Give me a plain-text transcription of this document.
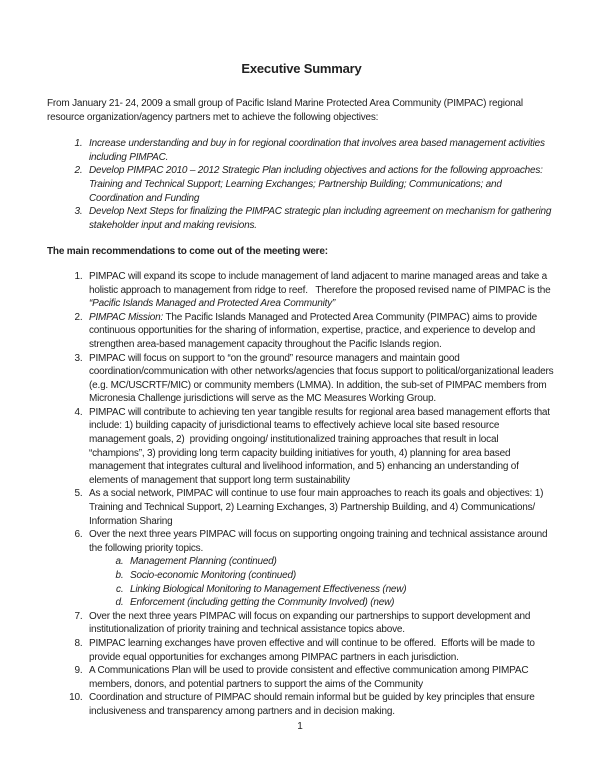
Executive Summary

From January 21- 24, 2009 a small group of Pacific Island Marine Protected Area Community (PIMPAC) regional resource organization/agency partners met to achieve the following objectives:

1. Increase understanding and buy in for regional coordination that involves area based management activities including PIMPAC.
2. Develop PIMPAC 2010 – 2012 Strategic Plan including objectives and actions for the following approaches: Training and Technical Support; Learning Exchanges; Partnership Building; Communications; and Coordination and Funding
3. Develop Next Steps for finalizing the PIMPAC strategic plan including agreement on mechanism for gathering stakeholder input and making revisions.

The main recommendations to come out of the meeting were:

1. PIMPAC will expand its scope to include management of land adjacent to marine managed areas and take a holistic approach to management from ridge to reef.   Therefore the proposed revised name of PIMPAC is the “Pacific Islands Managed and Protected Area Community”
2. PIMPAC Mission: The Pacific Islands Managed and Protected Area Community (PIMPAC) aims to provide continuous opportunities for the sharing of information, expertise, practice, and experience to develop and strengthen area-based management capacity throughout the Pacific Islands region.
3. PIMPAC will focus on support to “on the ground” resource managers and maintain good coordination/communication with other networks/agencies that focus support to political/organizational leaders (e.g. MC/USCRTF/MIC) or community members (LMMA). In addition, the sub-set of PIMPAC members from Micronesia Challenge jurisdictions will serve as the MC Measures Working Group.
4. PIMPAC will contribute to achieving ten year tangible results for regional area based management efforts that include: 1) building capacity of jurisdictional teams to effectively achieve local site based resource management goals, 2)  providing ongoing/ institutionalized training approaches that result in local “champions”, 3) providing long term capacity building initiatives for youth, 4) planning for area based management that integrates cultural and livelihood information, and 5) enhancing an understanding of elements of management that support long term sustainability
5. As a social network, PIMPAC will continue to use four main approaches to reach its goals and objectives: 1) Training and Technical Support, 2) Learning Exchanges, 3) Partnership Building, and 4) Communications/ Information Sharing
6. Over the next three years PIMPAC will focus on supporting ongoing training and technical assistance around the following priority topics.
a. Management Planning (continued)
b. Socio-economic Monitoring (continued)
c. Linking Biological Monitoring to Management Effectiveness (new)
d. Enforcement (including getting the Community Involved) (new)
7. Over the next three years PIMPAC will focus on expanding our partnerships to support development and institutionalization of priority training and technical assistance topics above.
8. PIMPAC learning exchanges have proven effective and will continue to be offered.  Efforts will be made to provide equal opportunities for exchanges among PIMPAC partners in each jurisdiction.
9. A Communications Plan will be used to provide consistent and effective communication among PIMPAC members, donors, and potential partners to support the aims of the Community
10. Coordination and structure of PIMPAC should remain informal but be guided by key principles that ensure inclusiveness and transparency among partners and in decision making.
1
